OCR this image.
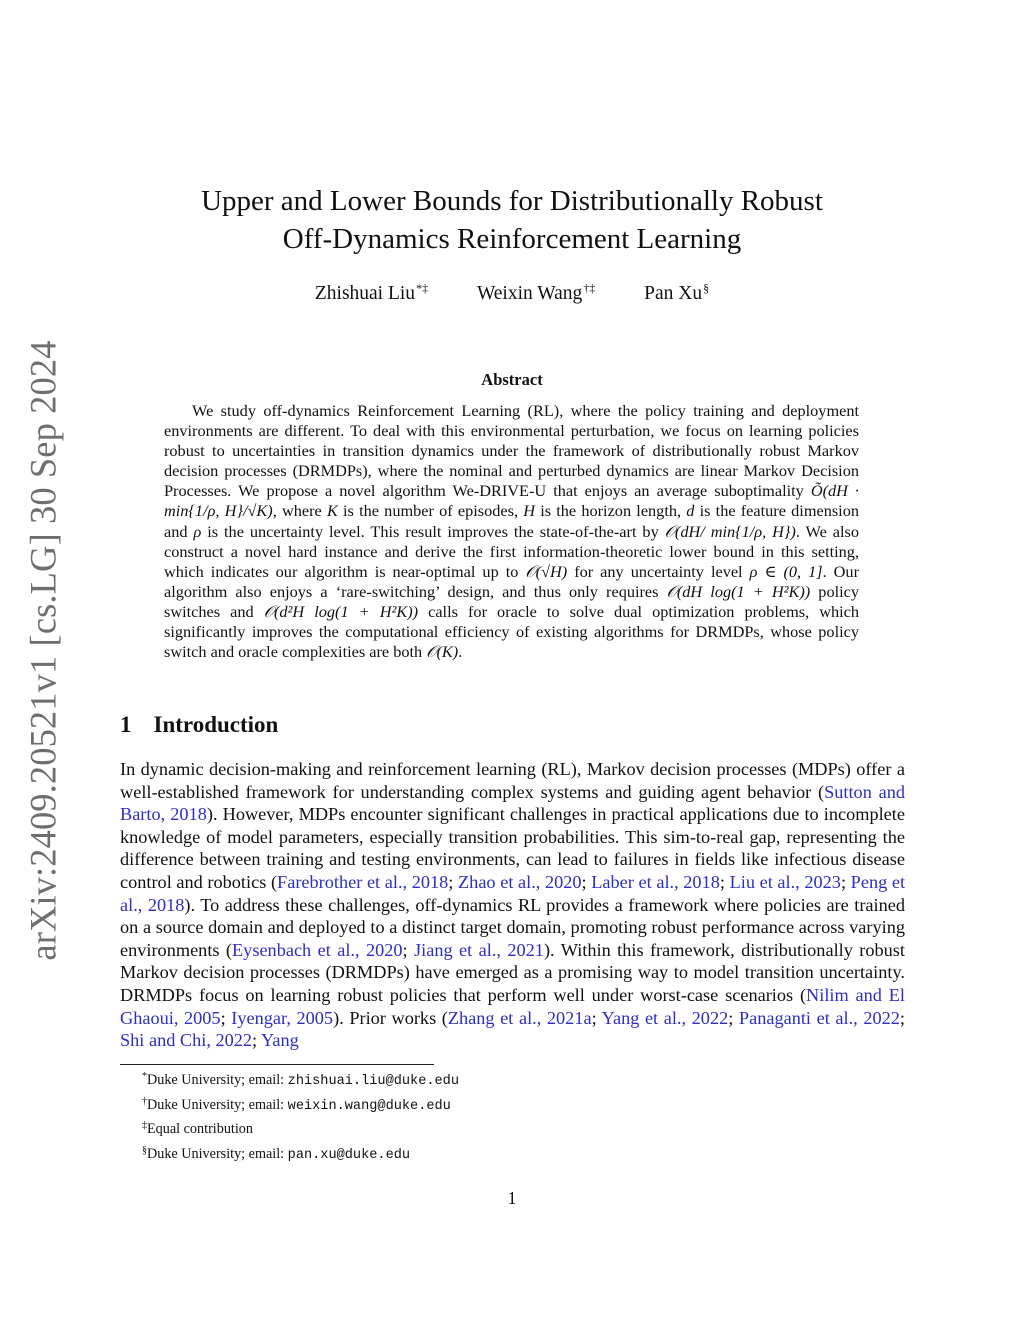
arXiv:2409.20521v1 [cs.LG] 30 Sep 2024
Upper and Lower Bounds for Distributionally Robust
Off-Dynamics Reinforcement Learning
Zhishuai Liu*‡	Weixin Wang†‡	Pan Xu§
Abstract

We study off-dynamics Reinforcement Learning (RL), where the policy training and deployment environments are different. To deal with this environmental perturbation, we focus on learning policies robust to uncertainties in transition dynamics under the framework of distributionally robust Markov decision processes (DRMDPs), where the nominal and perturbed dynamics are linear Markov Decision Processes. We propose a novel algorithm We-DRIVE-U that enjoys an average suboptimality Õ(dH · min{1/ρ, H}/√K), where K is the number of episodes, H is the horizon length, d is the feature dimension and ρ is the uncertainty level. This result improves the state-of-the-art by 𝒪(dH/ min{1/ρ, H}). We also construct a novel hard instance and derive the first information-theoretic lower bound in this setting, which indicates our algorithm is near-optimal up to 𝒪(√H) for any uncertainty level ρ ∈ (0, 1]. Our algorithm also enjoys a ‘rare-switching’ design, and thus only requires 𝒪(dH log(1 + H²K)) policy switches and 𝒪(d²H log(1 + H²K)) calls for oracle to solve dual optimization problems, which significantly improves the computational efficiency of existing algorithms for DRMDPs, whose policy switch and oracle complexities are both 𝒪(K).

1 Introduction

In dynamic decision-making and reinforcement learning (RL), Markov decision processes (MDPs) offer a well-established framework for understanding complex systems and guiding agent behavior (Sutton and Barto, 2018). However, MDPs encounter significant challenges in practical applications due to incomplete knowledge of model parameters, especially transition probabilities. This sim-to-real gap, representing the difference between training and testing environments, can lead to failures in fields like infectious disease control and robotics (Farebrother et al., 2018; Zhao et al., 2020; Laber et al., 2018; Liu et al., 2023; Peng et al., 2018). To address these challenges, off-dynamics RL provides a framework where policies are trained on a source domain and deployed to a distinct target domain, promoting robust performance across varying environments (Eysenbach et al., 2020; Jiang et al., 2021). Within this framework, distributionally robust Markov decision processes (DRMDPs) have emerged as a promising way to model transition uncertainty. DRMDPs focus on learning robust policies that perform well under worst-case scenarios (Nilim and El Ghaoui, 2005; Iyengar, 2005). Prior works (Zhang et al., 2021a; Yang et al., 2022; Panaganti et al., 2022; Shi and Chi, 2022; Yang

*Duke University; email: zhishuai.liu@duke.edu
†Duke University; email: weixin.wang@duke.edu
‡Equal contribution
§Duke University; email: pan.xu@duke.edu
1
